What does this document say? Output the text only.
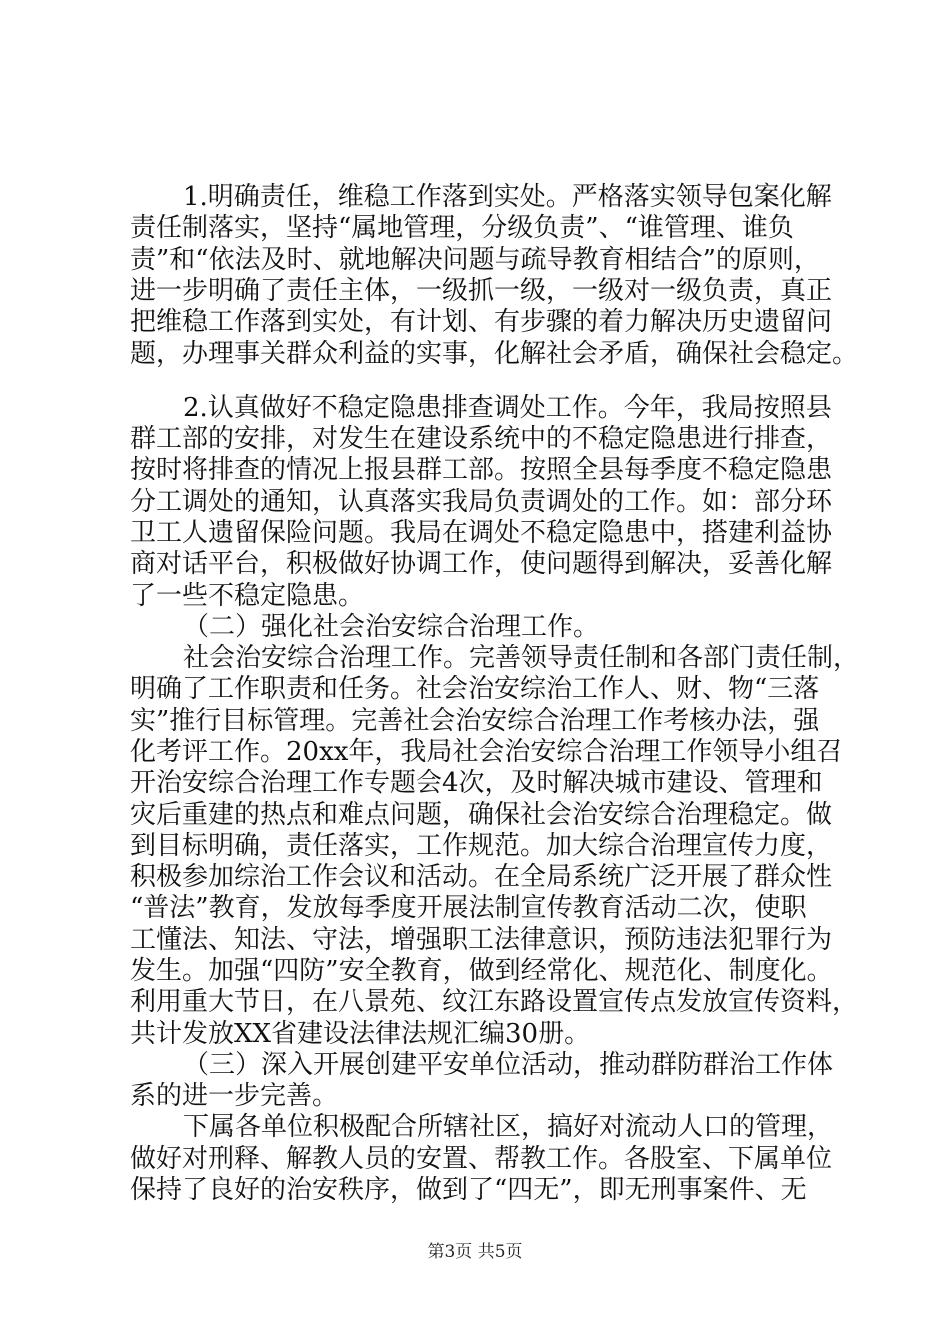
1.明确责任，维稳工作落到实处。严格落实领导包案化解
责任制落实，坚持“属地管理，分级负责”、“谁管理、谁负
责”和“依法及时、就地解决问题与疏导教育相结合”的原则，
进一步明确了责任主体，一级抓一级，一级对一级负责，真正
把维稳工作落到实处，有计划、有步骤的着力解决历史遗留问
题，办理事关群众利益的实事，化解社会矛盾，确保社会稳定。
2.认真做好不稳定隐患排查调处工作。今年，我局按照县
群工部的安排，对发生在建设系统中的不稳定隐患进行排查，
按时将排查的情况上报县群工部。按照全县每季度不稳定隐患
分工调处的通知，认真落实我局负责调处的工作。如：部分环
卫工人遗留保险问题。我局在调处不稳定隐患中，搭建利益协
商对话平台，积极做好协调工作，使问题得到解决，妥善化解
了一些不稳定隐患。
（二）强化社会治安综合治理工作。
社会治安综合治理工作。完善领导责任制和各部门责任制，
明确了工作职责和任务。社会治安综治工作人、财、物“三落
实”推行目标管理。完善社会治安综合治理工作考核办法，强
化考评工作。20xx年，我局社会治安综合治理工作领导小组召
开治安综合治理工作专题会4次，及时解决城市建设、管理和
灾后重建的热点和难点问题，确保社会治安综合治理稳定。做
到目标明确，责任落实，工作规范。加大综合治理宣传力度，
积极参加综治工作会议和活动。在全局系统广泛开展了群众性
“普法”教育，发放每季度开展法制宣传教育活动二次，使职
工懂法、知法、守法，增强职工法律意识，预防违法犯罪行为
发生。加强“四防”安全教育，做到经常化、规范化、制度化。
利用重大节日，在八景苑、纹江东路设置宣传点发放宣传资料，
共计发放XX省建设法律法规汇编30册。
（三）深入开展创建平安单位活动，推动群防群治工作体
系的进一步完善。
下属各单位积极配合所辖社区，搞好对流动人口的管理，
做好对刑释、解教人员的安置、帮教工作。各股室、下属单位
保持了良好的治安秩序，做到了“四无”，即无刑事案件、无
第3页 共5页
